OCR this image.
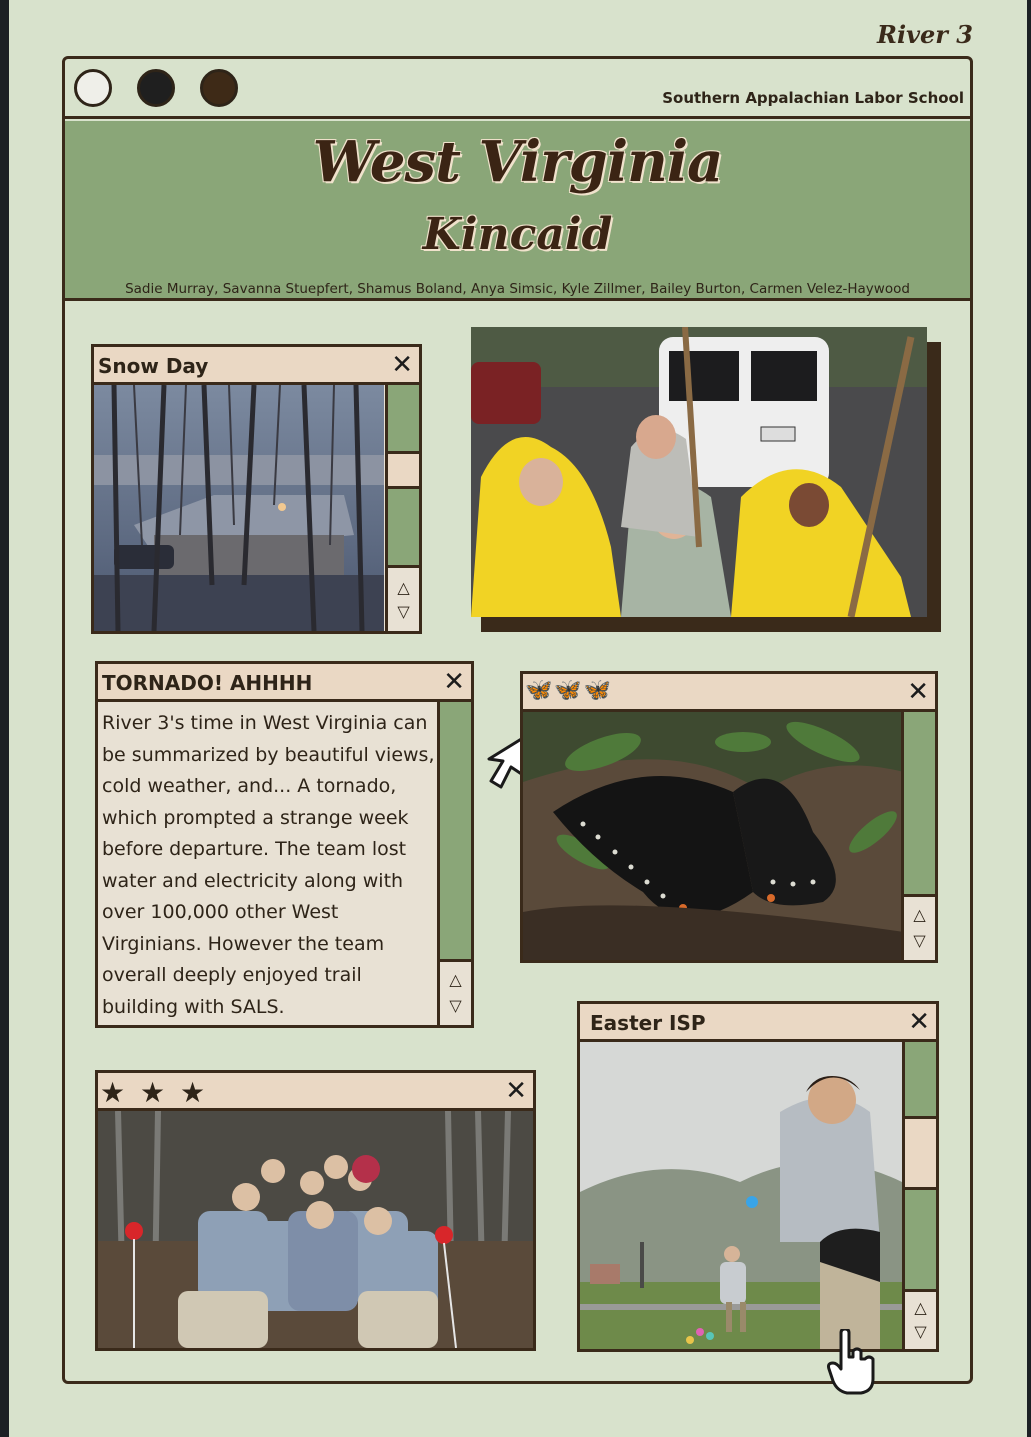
River 3
Southern Appalachian Labor School
West Virginia
Kincaid
Sadie Murray, Savanna Stuepfert, Shamus Boland, Anya Simsic, Kyle Zillmer, Bailey Burton, Carmen Velez-Haywood
Snow Day	✕
△
▽
TORNADO! AHHHH	✕
River 3's time in West Virginia can be summarized by beautiful views, cold weather, and... A tornado, which prompted a strange week before departure. The team lost water and electricity along with over 100,000 other West Virginians. However the team overall deeply enjoyed trail building with SALS.
△
▽
🦋🦋🦋	✕
△
▽
★ ★ ★	✕
Easter ISP	✕
△
▽
